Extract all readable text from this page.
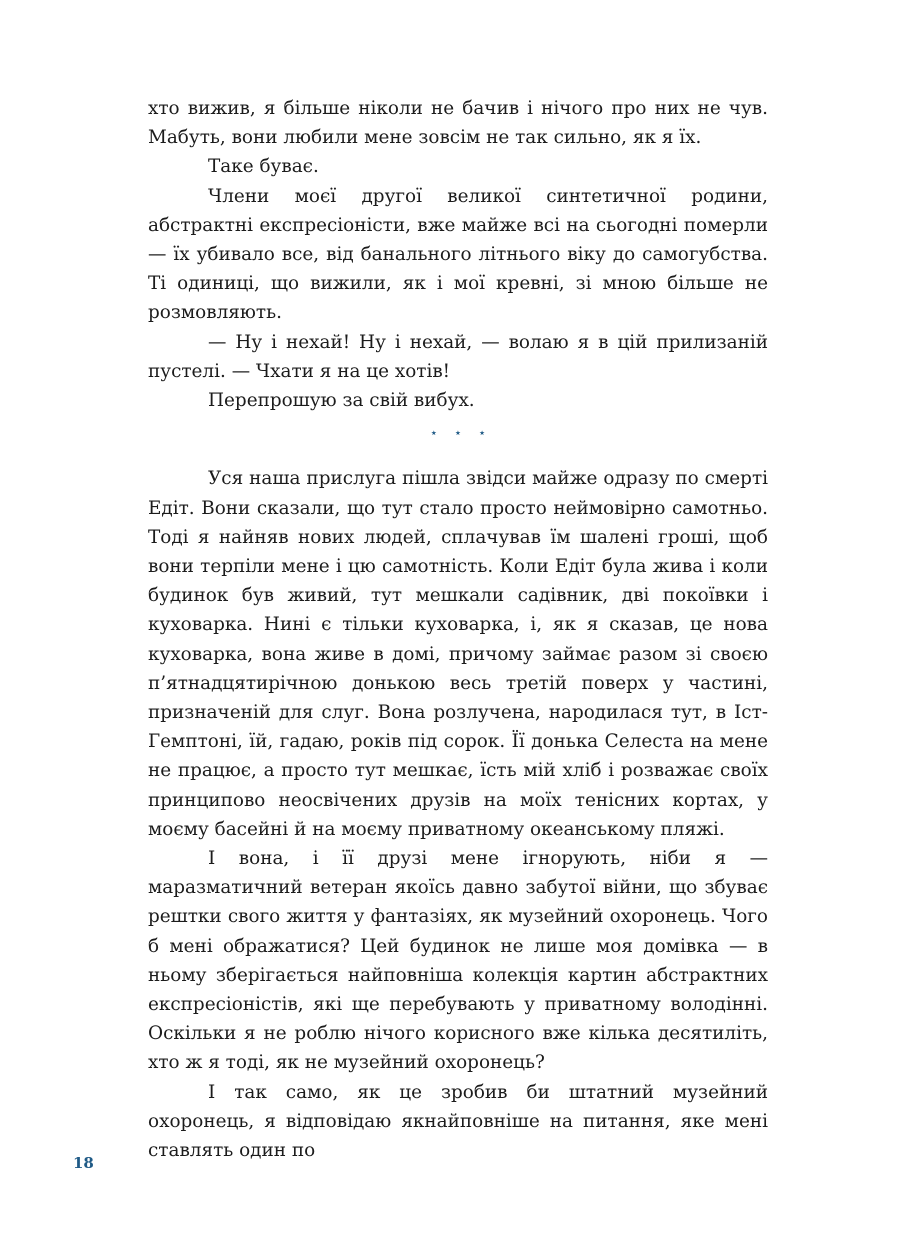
хто вижив, я більше ніколи не бачив і нічого про них не чув. Мабуть, вони любили мене зовсім не так сильно, як я їх.

Таке буває.

Члени моєї другої великої синтетичної родини, абстрактні експресіоністи, вже майже всі на сьогодні померли — їх убивало все, від банального літнього віку до самогубства. Ті одиниці, що вижили, як і мої кревні, зі мною більше не розмовляють.

— Ну і нехай! Ну і нехай, — волаю я в цій прилизаній пустелі. — Чхати я на це хотів!

Перепрошую за свій вибух.

⋆⋆⋆

Уся наша прислуга пішла звідси майже одразу по смерті Едіт. Вони сказали, що тут стало просто неймовірно самотньо. Тоді я найняв нових людей, сплачував їм шалені гроші, щоб вони терпіли мене і цю самотність. Коли Едіт була жива і коли будинок був живий, тут мешкали садівник, дві покоївки і куховарка. Нині є тільки куховарка, і, як я сказав, це нова куховарка, вона живе в домі, причому займає разом зі своєю п’ятнадцятирічною донькою весь третій поверх у частині, призначеній для слуг. Вона розлучена, народилася тут, в Іст-Гемптоні, їй, гадаю, років під сорок. Її донька Селеста на мене не працює, а просто тут мешкає, їсть мій хліб і розважає своїх принципово неосвічених друзів на моїх тенісних кортах, у моєму басейні й на моєму приватному океанському пляжі.

І вона, і її друзі мене ігнорують, ніби я — маразматичний ветеран якоїсь давно забутої війни, що збуває рештки свого життя у фантазіях, як музейний охоронець. Чого б мені ображатися? Цей будинок не лише моя домівка — в ньому зберігається найповніша колекція картин абстрактних експресіоністів, які ще перебувають у приватному володінні. Оскільки я не роблю нічого корисного вже кілька десятиліть, хто ж я тоді, як не музейний охоронець?

І так само, як це зробив би штатний музейний охоронець, я відповідаю якнайповніше на питання, яке мені ставлять один по

18
